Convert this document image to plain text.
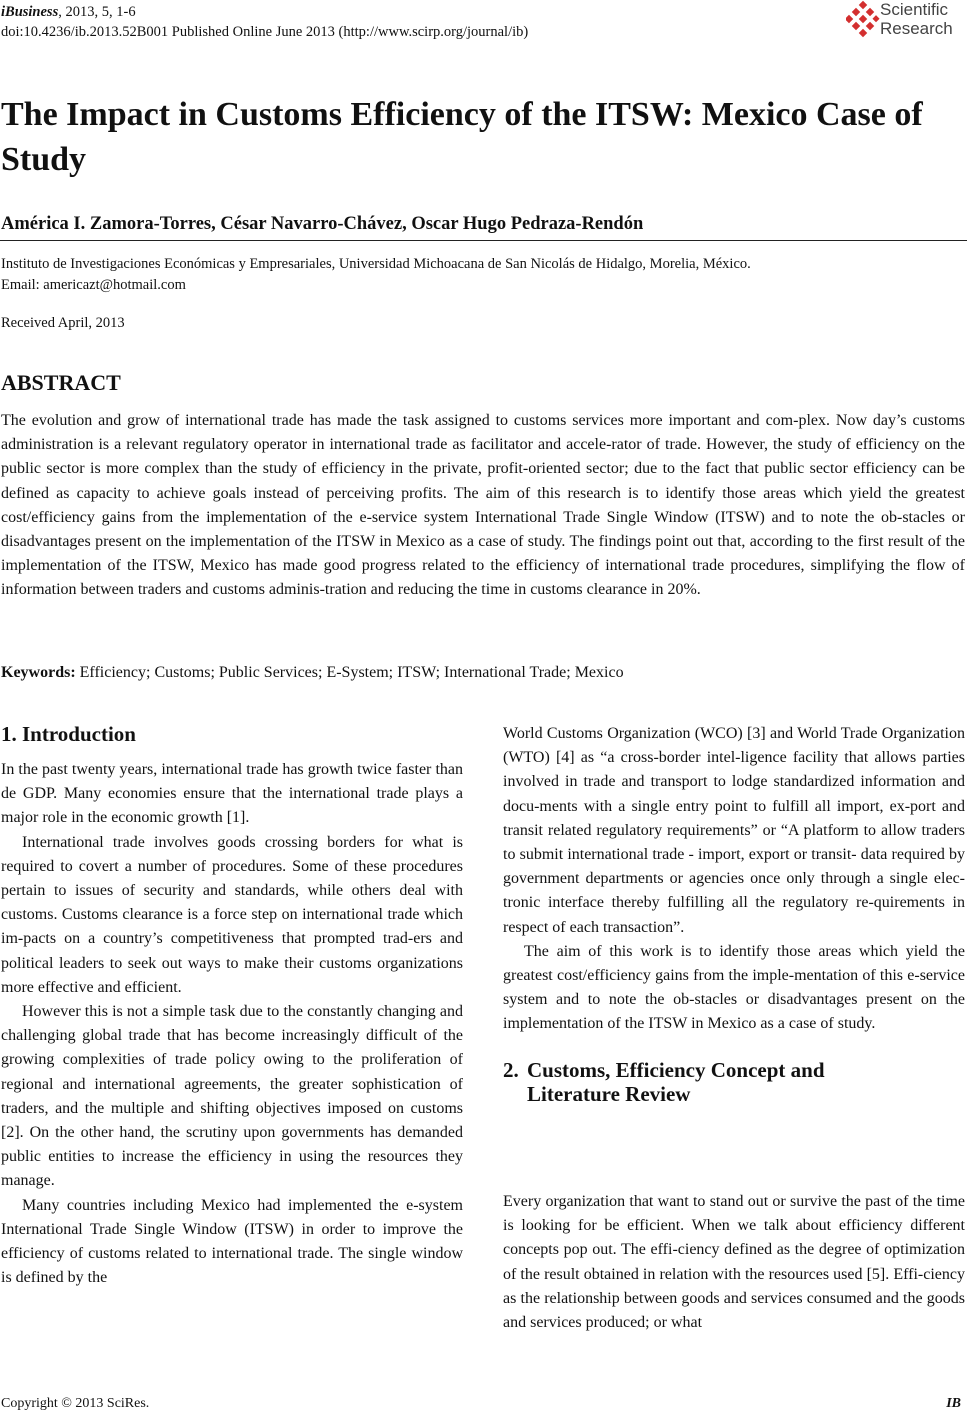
iBusiness, 2013, 5, 1-6
doi:10.4236/ib.2013.52B001 Published Online June 2013 (http://www.scirp.org/journal/ib)
Scientific
Research
The Impact in Customs Efficiency of the ITSW: Mexico Case of Study
América I. Zamora-Torres, César Navarro-Chávez, Oscar Hugo Pedraza-Rendón
Instituto de Investigaciones Económicas y Empresariales, Universidad Michoacana de San Nicolás de Hidalgo, Morelia, México.
Email: americazt@hotmail.com
Received April, 2013
ABSTRACT

The evolution and grow of international trade has made the task assigned to customs services more important and com-plex. Now day’s customs administration is a relevant regulatory operator in international trade as facilitator and accele-rator of trade. However, the study of efficiency on the public sector is more complex than the study of efficiency in the private, profit-oriented sector; due to the fact that public sector efficiency can be defined as capacity to achieve goals instead of perceiving profits. The aim of this research is to identify those areas which yield the greatest cost/efficiency gains from the implementation of the e-service system International Trade Single Window (ITSW) and to note the ob-stacles or disadvantages present on the implementation of the ITSW in Mexico as a case of study. The findings point out that, according to the first result of the implementation of the ITSW, Mexico has made good progress related to the efficiency of international trade procedures, simplifying the flow of information between traders and customs adminis-tration and reducing the time in customs clearance in 20%.

Keywords: Efficiency; Customs; Public Services; E-System; ITSW; International Trade; Mexico
1. Introduction

In the past twenty years, international trade has growth twice faster than de GDP. Many economies ensure that the international trade plays a major role in the economic growth [1].

International trade involves goods crossing borders for what is required to covert a number of procedures. Some of these procedures pertain to issues of security and standards, while others deal with customs. Customs clearance is a force step on international trade which im-pacts on a country’s competitiveness that prompted trad-ers and political leaders to seek out ways to make their customs organizations more effective and efficient.

However this is not a simple task due to the constantly changing and challenging global trade that has become increasingly difficult of the growing complexities of trade policy owing to the proliferation of regional and international agreements, the greater sophistication of traders, and the multiple and shifting objectives imposed on customs [2]. On the other hand, the scrutiny upon governments has demanded public entities to increase the efficiency in using the resources they manage.

Many countries including Mexico had implemented the e-system International Trade Single Window (ITSW) in order to improve the efficiency of customs related to international trade. The single window is defined by the

World Customs Organization (WCO) [3] and World Trade Organization (WTO) [4] as “a cross-border intel-ligence facility that allows parties involved in trade and transport to lodge standardized information and docu-ments with a single entry point to fulfill all import, ex-port and transit related regulatory requirements” or “A platform to allow traders to submit international trade - import, export or transit- data required by government departments or agencies once only through a single elec-tronic interface thereby fulfilling all the regulatory re-quirements in respect of each transaction”.

The aim of this work is to identify those areas which yield the greatest cost/efficiency gains from the imple-mentation of this e-service system and to note the ob-stacles or disadvantages present on the implementation of the ITSW in Mexico as a case of study.

2. Customs, Efficiency Concept and
Literature Review

Every organization that want to stand out or survive the past of the time is looking for be efficient. When we talk about efficiency different concepts pop out. The effi-ciency defined as the degree of optimization of the result obtained in relation with the resources used [5]. Effi-ciency as the relationship between goods and services consumed and the goods and services produced; or what

Copyright © 2013 SciRes.	IB
